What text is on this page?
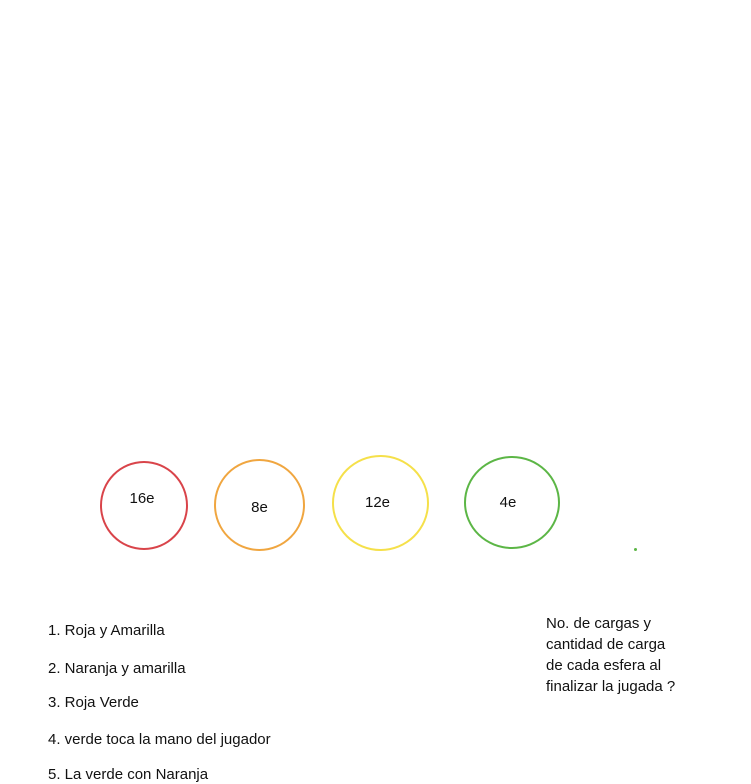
16e	8e	12e	4e
1. Roja y Amarilla
2. Naranja y amarilla
3. Roja Verde
4. verde toca la mano del jugador
5. La verde con Naranja
No. de cargas y
cantidad de carga
de cada esfera al
finalizar la jugada ?
